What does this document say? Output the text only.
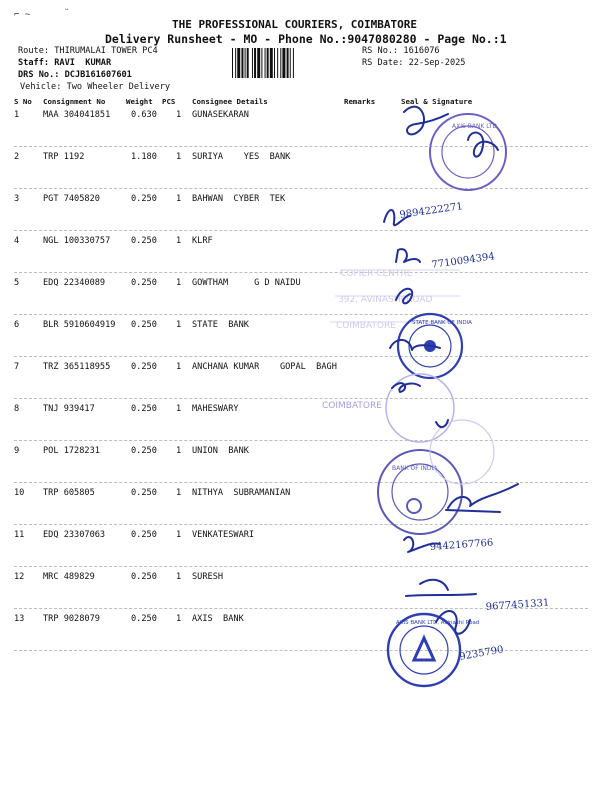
⌐ ~	ᵕ
THE PROFESSIONAL COURIERS, COIMBATORE
Delivery Runsheet - MO - Phone No.:9047080280 - Page No.:1
Route: THIRUMALAI TOWER PC4
Staff: RAVI  KUMAR
DRS No.: DCJB161607601
Vehicle: Two Wheeler Delivery
RS No.: 1616076
RS Date: 22-Sep-2025
S No Consignment No	Weight PCS Consignee Details	Remarks	Seal & Signature
1	MAA 304041851 0.630 1 GUNASEKARAN
2	TRP 1192	1.180 1 SURIYA    YES  BANK
3	PGT 7405820	0.250 1 BAHWAN  CYBER  TEK
4	NGL 100330757 0.250 1 KLRF
5	EDQ 22340089	0.250 1 GOWTHAM     G D NAIDU
6	BLR 5910604919 0.250 1 STATE  BANK
7	TRZ 365118955 0.250 1 ANCHANA KUMAR    GOPAL  BAGH
8	TNJ 939417	0.250 1 MAHESWARY
9	POL 1728231	0.250 1 UNION  BANK
10 TRP 605805	0.250 1 NITHYA  SUBRAMANIAN
11 EDQ 23307063	0.250 1 VENKATESWARI
12 MRC 489829	0.250 1 SURESH
13 TRP 9028079	0.250 1 AXIS  BANK
COPIER CENTRE
392, AVINASHI ROAD
COIMBATORE
COIMBATORE
AXIS BANK LTD
STATE BANK OF INDIA
BANK OF INDIA
AXIS BANK LTD, Avinashi Road
9894222271
7710094394
9442167766
9677451331
9235790
